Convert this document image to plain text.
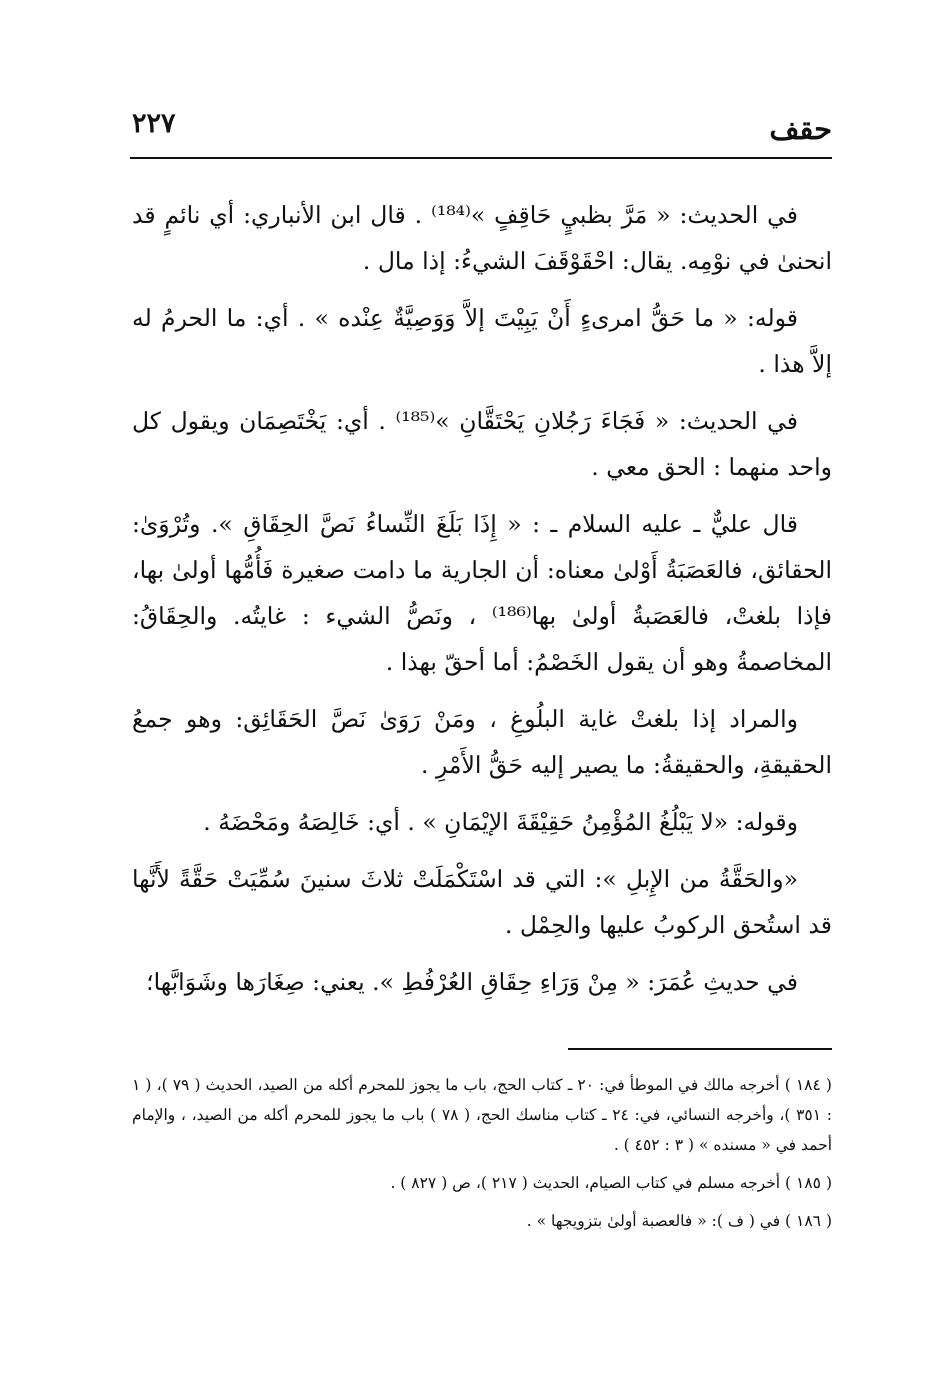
حقف
٢٢٧

في الحديث: « مَرَّ بظبيٍ حَاقِفٍ »⁽¹⁸⁴⁾ . قال ابن الأنباري: أي نائمٍ قد انحنىٰ في نوْمِه. يقال: احْقَوْقَفَ الشيءُ: إذا مال .

قوله: « ما حَقُّ امرىءٍ أَنْ يَبِيْتَ إلاَّ وَوَصِيَّةٌ عِنْده » . أي: ما الحرمُ له إلاَّ هذا .

في الحديث: « فَجَاءَ رَجُلانِ يَحْتَقَّانِ »⁽¹⁸⁵⁾ . أي: يَخْتَصِمَان ويقول كل واحد منهما : الحق معي .

قال عليٌّ ـ عليه السلام ـ : « إِذَا بَلَغَ النِّساءُ نَصَّ الحِقَاقِ ». وتُرْوَىٰ: الحقائق، فالعَصَبَةُ أَوْلىٰ معناه: أن الجارية ما دامت صغيرة فَأُمُّها أولىٰ بها، فإذا بلغتْ، فالعَصَبةُ أولىٰ بها⁽¹⁸⁶⁾ ، ونَصُّ الشيء : غايتُه. والحِقَاقُ: المخاصمةُ وهو أن يقول الخَصْمُ: أما أحقّ بهذا .

والمراد إذا بلغتْ غاية البلُوغِ ، ومَنْ رَوَىٰ نَصَّ الحَقَائِق: وهو جمعُ الحقيقةِ، والحقيقةُ: ما يصير إليه حَقُّ الأَمْرِ .

وقوله: «لا يَبْلُغُ المُؤْمِنُ حَقِيْقَةَ الإيْمَانِ » . أي: خَالِصَهُ ومَحْضَهُ .

«والحَقَّةُ من الإِبلِ »: التي قد اسْتَكْمَلَتْ ثلاثَ سنينَ سُمِّيَتْ حَقَّةً لأَنَّها قد استُحق الركوبُ عليها والحِمْل .

في حديثِ عُمَرَ: « مِنْ وَرَاءِ حِقَاقِ العُرْفُطِ ». يعني: صِغَارَها وشَوَابَّها؛

( ١٨٤ ) أخرجه مالك في الموطأ في: ٢٠ ـ كتاب الحج، باب ما يجوز للمحرم أكله من الصيد، الحديث ( ٧٩ )، ( ١ : ٣٥١ )، وأخرجه النسائي، في: ٢٤ ـ كتاب مناسك الحج، ( ٧٨ ) باب ما يجوز للمحرم أكله من الصيد، ، والإمام أحمد في « مسنده » ( ٣ : ٤٥٢ ) .

( ١٨٥ ) أخرجه مسلم في كتاب الصيام، الحديث ( ٢١٧ )، ص ( ٨٢٧ ) .

( ١٨٦ ) في ( ف ): « فالعصبة أولىٰ بتزويجها » .
